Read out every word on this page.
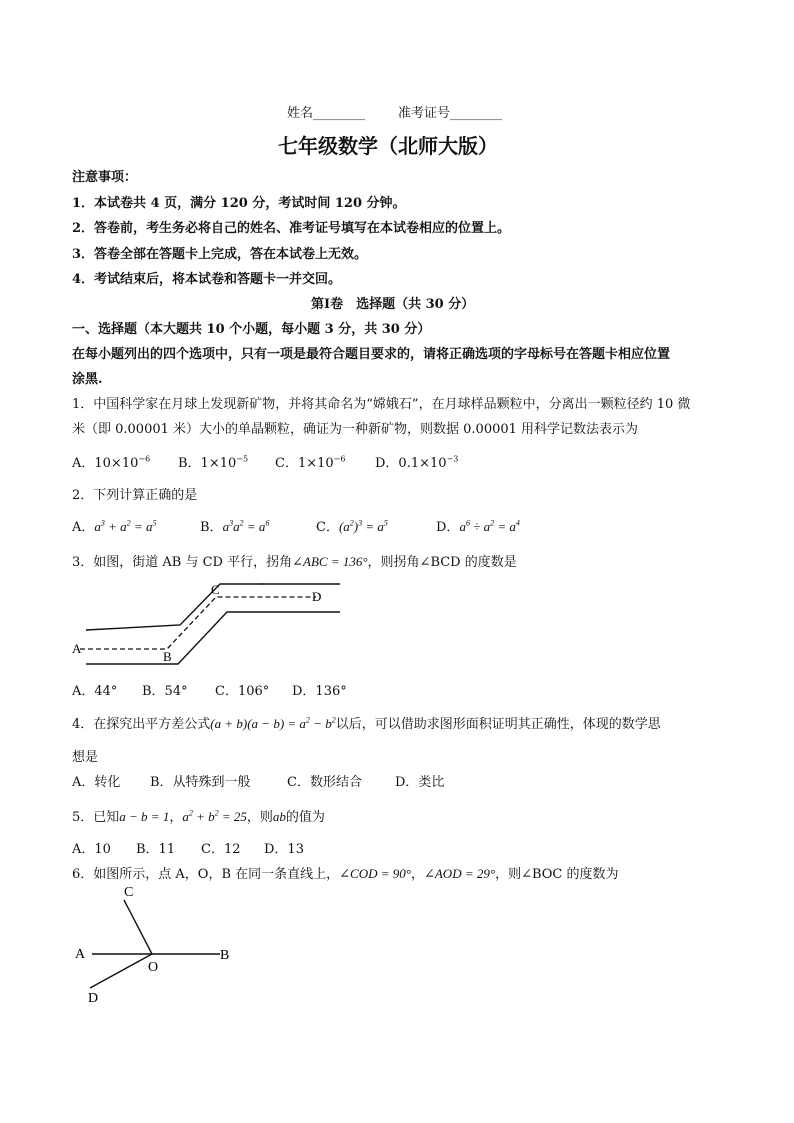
姓名________	准考证号________
七年级数学（北师大版）
注意事项：
1．本试卷共 4 页，满分 120 分，考试时间 120 分钟。
2．答卷前，考生务必将自己的姓名、准考证号填写在本试卷相应的位置上。
3．答卷全部在答题卡上完成，答在本试卷上无效。
4．考试结束后，将本试卷和答题卡一并交回。
第Ⅰ卷　选择题（共 30 分）
一、选择题（本大题共 10 个小题，每小题 3 分，共 30 分）
在每小题列出的四个选项中，只有一项是最符合题目要求的，请将正确选项的字母标号在答题卡相应位置
涂黑.
1．中国科学家在月球上发现新矿物，并将其命名为“嫦娥石”，在月球样品颗粒中，分离出一颗粒径约 10 微
米（即 0.00001 米）大小的单晶颗粒，确证为一种新矿物，则数据 0.00001 用科学记数法表示为
A．$10\times 10^{-6}$ B．$1\times 10^{-5}$ C．$1\times 10^{-6}$ D．$0.1\times 10^{-3}$
2．下列计算正确的是
A．$a^3 + a^2 = a^5$	B．$a^3a^2 = a^6$	C．$(a^2)^3 = a^5$	D．$a^6 \div a^2 = a^4$
3．如图，街道 AB 与 CD 平行，拐角∠ABC = 136°，则拐角∠BCD 的度数是
A
B
C	D
A．44° B．54° C．106° D．136°
4．在探究出平方差公式$(a + b)(a - b) = a^2 - b^2$以后，可以借助求图形面积证明其正确性，体现的数学思
想是
A．转化 B．从特殊到一般	C．数形结合	D．类比
5．已知a − b = 1，$a^2 + b^2 = 25$，则ab的值为
A．10 B．11 C．12 D．13
6．如图所示，点 A，O，B 在同一条直线上，∠COD = 90°，∠AOD = 29°，则∠BOC 的度数为
C
A
O
B
D
